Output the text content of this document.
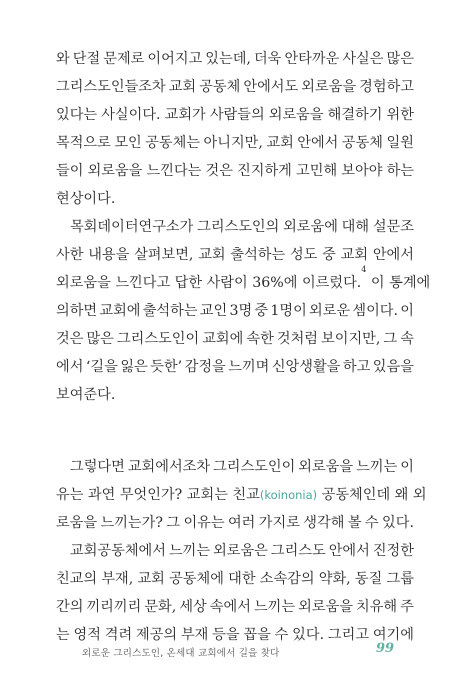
와 단절 문제로 이어지고 있는데, 더욱 안타까운 사실은 많은
그리스도인들조차 교회 공동체 안에서도 외로움을 경험하고
있다는 사실이다. 교회가 사람들의 외로움을 해결하기 위한
목적으로 모인 공동체는 아니지만, 교회 안에서 공동체 일원
들이 외로움을 느낀다는 것은 진지하게 고민해 보아야 하는
현상이다.
목회데이터연구소가 그리스도인의 외로움에 대해 설문조
사한 내용을 살펴보면, 교회 출석하는 성도 중 교회 안에서
외로움을 느낀다고 답한 사람이 36%에 이르렀다.
4
이 통계에
의하면 교회에 출석하는 교인 3명 중 1명이 외로운 셈이다. 이
것은 많은 그리스도인이 교회에 속한 것처럼 보이지만, 그 속
에서 ‘길을 잃은 듯한’ 감정을 느끼며 신앙생활을 하고 있음을
보여준다.
그렇다면 교회에서조차 그리스도인이 외로움을 느끼는 이
유는 과연 무엇인가? 교회는 친교 (koinonia) 공동체인데 왜 외
로움을 느끼는가? 그 이유는 여러 가지로 생각해 볼 수 있다.
교회공동체에서 느끼는 외로움은 그리스도 안에서 진정한
친교의 부재, 교회 공동체에 대한 소속감의 약화, 동질 그룹
간의 끼리끼리 문화, 세상 속에서 느끼는 외로움을 치유해 주
는 영적 격려 제공의 부재 등을 꼽을 수 있다. 그리고 여기에
외로운 그리스도인, 온세대 교회에서 길을 찾다	99
